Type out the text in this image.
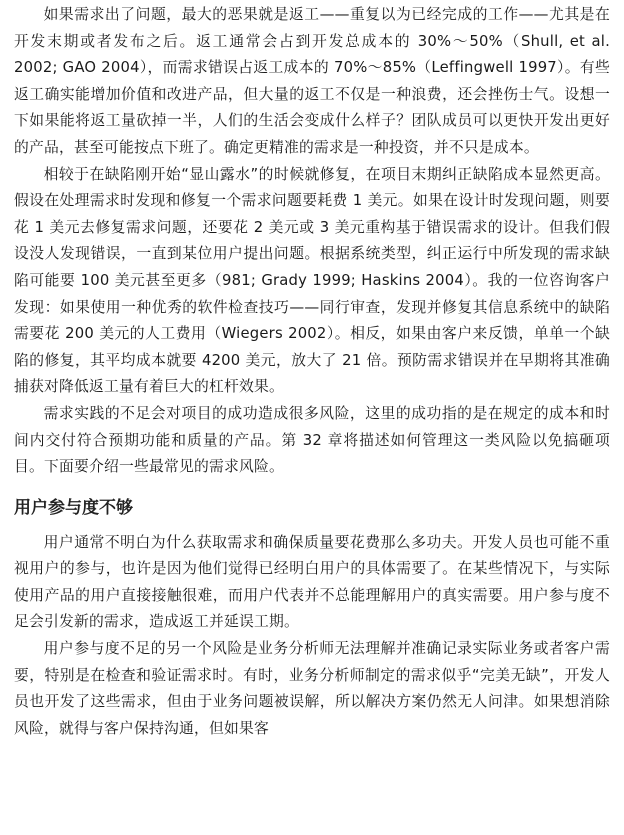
如果需求出了问题，最大的恶果就是返工——重复以为已经完成的工作——尤其是在开发末期或者发布之后。返工通常会占到开发总成本的 30%～50%（Shull, et al. 2002; GAO 2004），而需求错误占返工成本的 70%～85%（Leffingwell 1997）。有些返工确实能增加价值和改进产品，但大量的返工不仅是一种浪费，还会挫伤士气。设想一下如果能将返工量砍掉一半，人们的生活会变成什么样子？团队成员可以更快开发出更好的产品，甚至可能按点下班了。确定更精准的需求是一种投资，并不只是成本。

相较于在缺陷刚开始“显山露水”的时候就修复，在项目末期纠正缺陷成本显然更高。假设在处理需求时发现和修复一个需求问题要耗费 1 美元。如果在设计时发现问题，则要花 1 美元去修复需求问题，还要花 2 美元或 3 美元重构基于错误需求的设计。但我们假设没人发现错误，一直到某位用户提出问题。根据系统类型，纠正运行中所发现的需求缺陷可能要 100 美元甚至更多（981; Grady 1999; Haskins 2004）。我的一位咨询客户发现：如果使用一种优秀的软件检查技巧——同行审查，发现并修复其信息系统中的缺陷需要花 200 美元的人工费用（Wiegers 2002）。相反，如果由客户来反馈，单单一个缺陷的修复，其平均成本就要 4200 美元，放大了 21 倍。预防需求错误并在早期将其准确捕获对降低返工量有着巨大的杠杆效果。

需求实践的不足会对项目的成功造成很多风险，这里的成功指的是在规定的成本和时间内交付符合预期功能和质量的产品。第 32 章将描述如何管理这一类风险以免搞砸项目。下面要介绍一些最常见的需求风险。

用户参与度不够

用户通常不明白为什么获取需求和确保质量要花费那么多功夫。开发人员也可能不重视用户的参与，也许是因为他们觉得已经明白用户的具体需要了。在某些情况下，与实际使用产品的用户直接接触很难，而用户代表并不总能理解用户的真实需要。用户参与度不足会引发新的需求，造成返工并延误工期。

用户参与度不足的另一个风险是业务分析师无法理解并准确记录实际业务或者客户需要，特别是在检查和验证需求时。有时，业务分析师制定的需求似乎“完美无缺”，开发人员也开发了这些需求，但由于业务问题被误解，所以解决方案仍然无人问津。如果想消除风险，就得与客户保持沟通，但如果客
